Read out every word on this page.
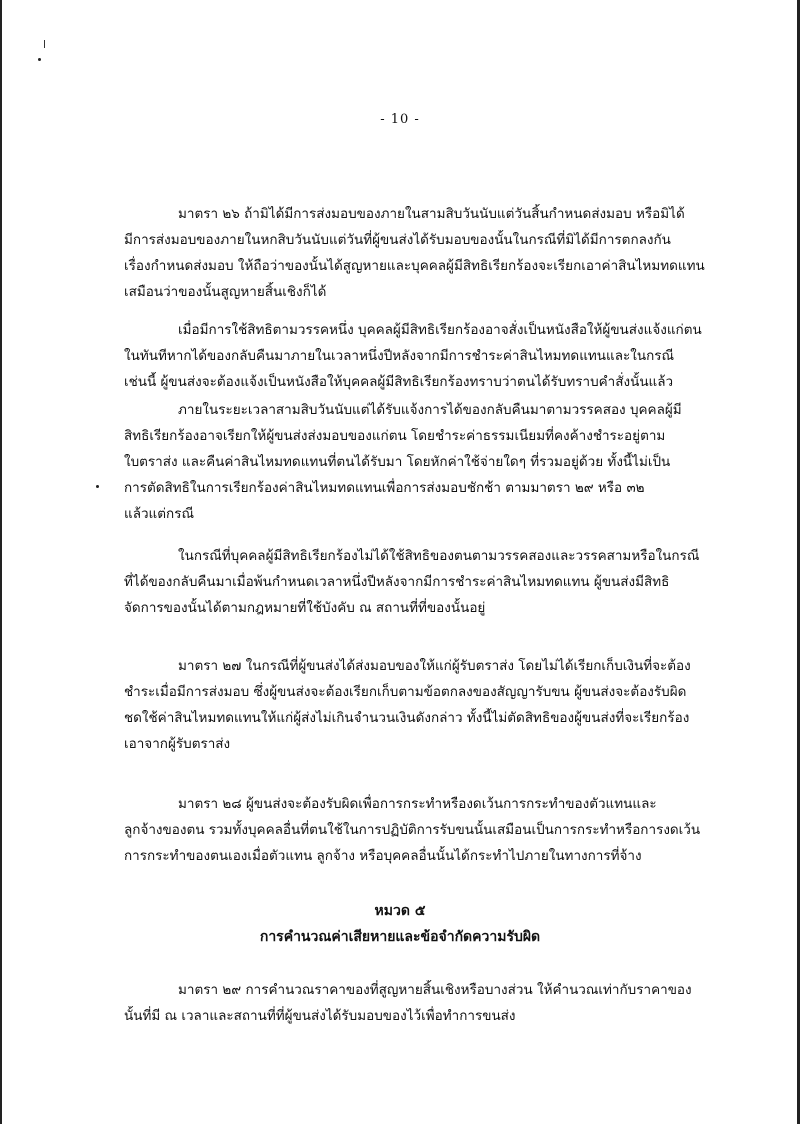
- 10 -
มาตรา ๒๖ ถ้ามิได้มีการส่งมอบของภายในสามสิบวันนับแต่วันสิ้นกำหนดส่งมอบ หรือมิได้
มีการส่งมอบของภายในหกสิบวันนับแต่วันที่ผู้ขนส่งได้รับมอบของนั้นในกรณีที่มิได้มีการตกลงกัน
เรื่องกำหนดส่งมอบ ให้ถือว่าของนั้นได้สูญหายและบุคคลผู้มีสิทธิเรียกร้องจะเรียกเอาค่าสินไหมทดแทน
เสมือนว่าของนั้นสูญหายสิ้นเชิงก็ได้
เมื่อมีการใช้สิทธิตามวรรคหนึ่ง บุคคลผู้มีสิทธิเรียกร้องอาจสั่งเป็นหนังสือให้ผู้ขนส่งแจ้งแก่ตน
ในทันทีหากได้ของกลับคืนมาภายในเวลาหนึ่งปีหลังจากมีการชำระค่าสินไหมทดแทนและในกรณี
เช่นนี้ ผู้ขนส่งจะต้องแจ้งเป็นหนังสือให้บุคคลผู้มีสิทธิเรียกร้องทราบว่าตนได้รับทราบคำสั่งนั้นแล้ว
ภายในระยะเวลาสามสิบวันนับแต่ได้รับแจ้งการได้ของกลับคืนมาตามวรรคสอง บุคคลผู้มี
สิทธิเรียกร้องอาจเรียกให้ผู้ขนส่งส่งมอบของแก่ตน โดยชำระค่าธรรมเนียมที่คงค้างชำระอยู่ตาม
ใบตราส่ง และคืนค่าสินไหมทดแทนที่ตนได้รับมา โดยหักค่าใช้จ่ายใดๆ ที่รวมอยู่ด้วย ทั้งนี้ไม่เป็น
การตัดสิทธิในการเรียกร้องค่าสินไหมทดแทนเพื่อการส่งมอบชักช้า ตามมาตรา ๒๙ หรือ ๓๒
แล้วแต่กรณี
ในกรณีที่บุคคลผู้มีสิทธิเรียกร้องไม่ได้ใช้สิทธิของตนตามวรรคสองและวรรคสามหรือในกรณี
ที่ได้ของกลับคืนมาเมื่อพ้นกำหนดเวลาหนึ่งปีหลังจากมีการชำระค่าสินไหมทดแทน ผู้ขนส่งมีสิทธิ
จัดการของนั้นได้ตามกฎหมายที่ใช้บังคับ ณ สถานที่ที่ของนั้นอยู่
มาตรา ๒๗ ในกรณีที่ผู้ขนส่งได้ส่งมอบของให้แก่ผู้รับตราส่ง โดยไม่ได้เรียกเก็บเงินที่จะต้อง
ชำระเมื่อมีการส่งมอบ ซึ่งผู้ขนส่งจะต้องเรียกเก็บตามข้อตกลงของสัญญารับขน ผู้ขนส่งจะต้องรับผิด
ชดใช้ค่าสินไหมทดแทนให้แก่ผู้ส่งไม่เกินจำนวนเงินดังกล่าว ทั้งนี้ไม่ตัดสิทธิของผู้ขนส่งที่จะเรียกร้อง
เอาจากผู้รับตราส่ง
มาตรา ๒๘ ผู้ขนส่งจะต้องรับผิดเพื่อการกระทำหรืองดเว้นการกระทำของตัวแทนและ
ลูกจ้างของตน รวมทั้งบุคคลอื่นที่ตนใช้ในการปฏิบัติการรับขนนั้นเสมือนเป็นการกระทำหรือการงดเว้น
การกระทำของตนเองเมื่อตัวแทน ลูกจ้าง หรือบุคคลอื่นนั้นได้กระทำไปภายในทางการที่จ้าง
หมวด ๕
การคำนวณค่าเสียหายและข้อจำกัดความรับผิด
มาตรา ๒๙ การคำนวณราคาของที่สูญหายสิ้นเชิงหรือบางส่วน ให้คำนวณเท่ากับราคาของ
นั้นที่มี ณ เวลาและสถานที่ที่ผู้ขนส่งได้รับมอบของไว้เพื่อทำการขนส่ง
